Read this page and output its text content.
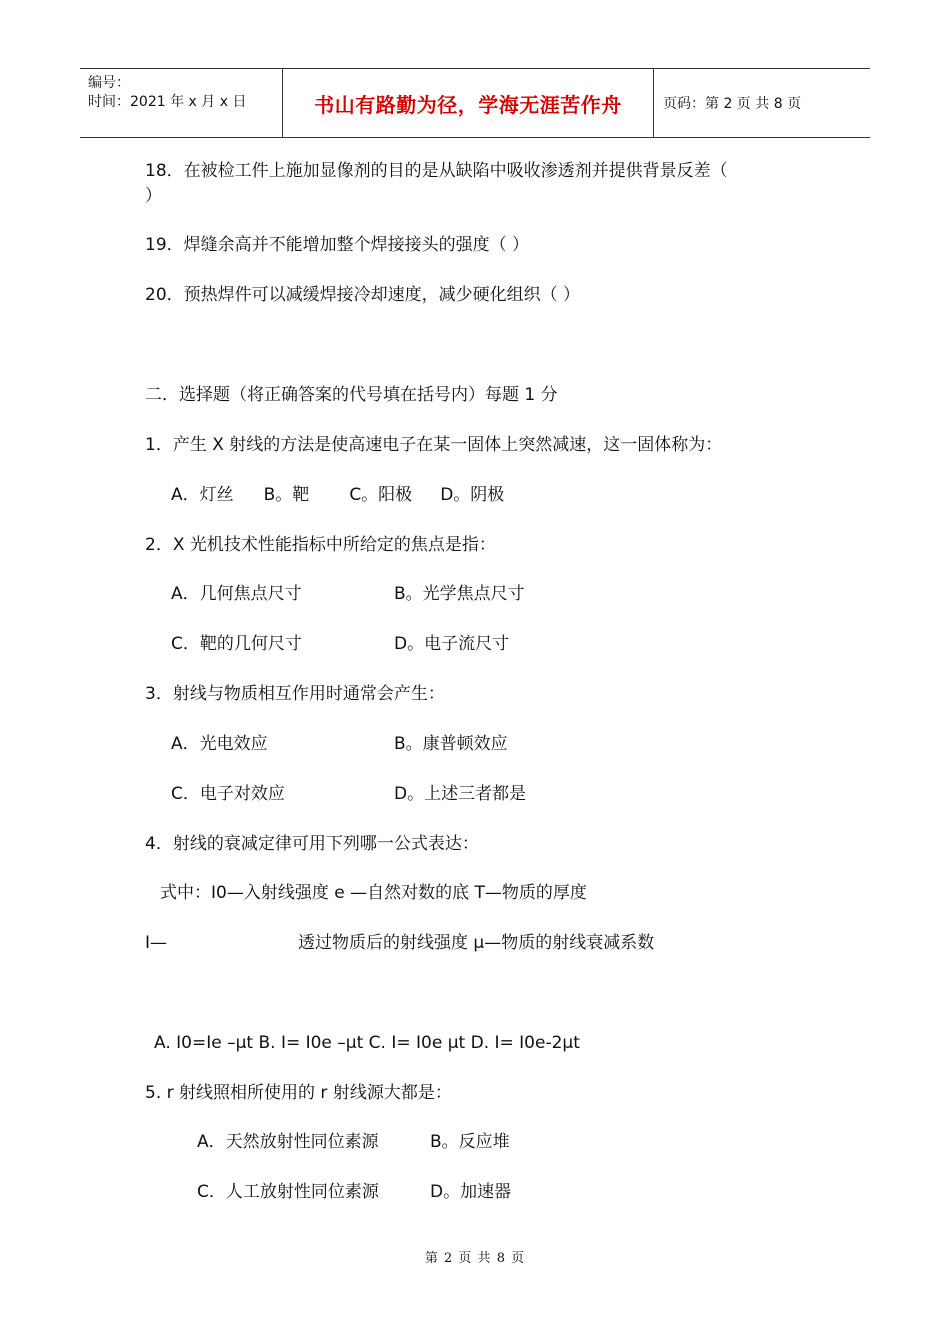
编号：
时间：2021 年 x 月 x 日	书山有路勤为径，学海无涯苦作舟	页码：第 2 页 共 8 页
18．在被检工件上施加显像剂的目的是从缺陷中吸收渗透剂并提供背景反差（
）
19．焊缝余高并不能增加整个焊接接头的强度（ ）
20．预热焊件可以减缓焊接冷却速度，减少硬化组织（ ）
二．选择题（将正确答案的代号填在括号内）每题 1 分
1．产生 X 射线的方法是使高速电子在某一固体上突然减速，这一固体称为：
A．灯丝 B。靶 C。阳极 D。阴极
2．X 光机技术性能指标中所给定的焦点是指：
A．几何焦点尺寸	B。光学焦点尺寸
C．靶的几何尺寸	D。电子流尺寸
3．射线与物质相互作用时通常会产生：
A．光电效应	B。康普顿效应
C．电子对效应	D。上述三者都是
4．射线的衰减定律可用下列哪一公式表达：
式中：I0—入射线强度 e —自然对数的底 T—物质的厚度
I—	透过物质后的射线强度 μ—物质的射线衰减系数
A. I0=Ie –μt B. I= I0e –μt C. I= I0e μt D. I= I0e-2μt
5. r 射线照相所使用的 r 射线源大都是：
A．天然放射性同位素源	B。反应堆
C．人工放射性同位素源	D。加速器
第 2 页 共 8 页
